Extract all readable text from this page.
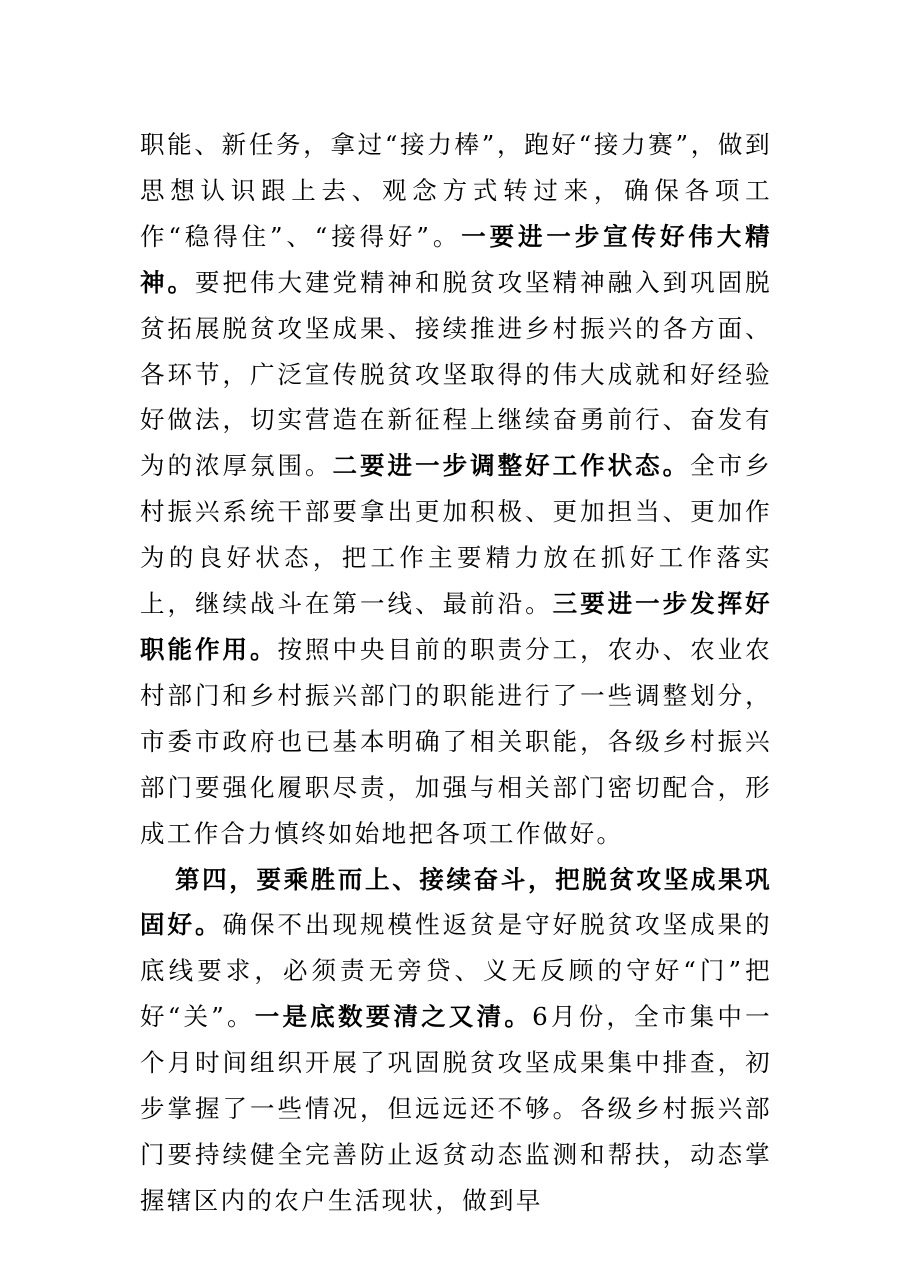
职能、新任务，拿过“接力棒”，跑好“接力赛”，做到思想认识跟上去、观念方式转过来，确保各项工作“稳得住”、“接得好”。一要进一步宣传好伟大精神。要把伟大建党精神和脱贫攻坚精神融入到巩固脱贫拓展脱贫攻坚成果、接续推进乡村振兴的各方面、各环节，广泛宣传脱贫攻坚取得的伟大成就和好经验好做法，切实营造在新征程上继续奋勇前行、奋发有为的浓厚氛围。二要进一步调整好工作状态。全市乡村振兴系统干部要拿出更加积极、更加担当、更加作为的良好状态，把工作主要精力放在抓好工作落实上，继续战斗在第一线、最前沿。三要进一步发挥好职能作用。按照中央目前的职责分工，农办、农业农村部门和乡村振兴部门的职能进行了一些调整划分，市委市政府也已基本明确了相关职能，各级乡村振兴部门要强化履职尽责，加强与相关部门密切配合，形成工作合力慎终如始地把各项工作做好。

第四，要乘胜而上、接续奋斗，把脱贫攻坚成果巩固好。确保不出现规模性返贫是守好脱贫攻坚成果的底线要求，必须责无旁贷、义无反顾的守好“门”把好“关”。一是底数要清之又清。6月份，全市集中一个月时间组织开展了巩固脱贫攻坚成果集中排查，初步掌握了一些情况，但远远还不够。各级乡村振兴部门要持续健全完善防止返贫动态监测和帮扶，动态掌握辖区内的农户生活现状，做到早
